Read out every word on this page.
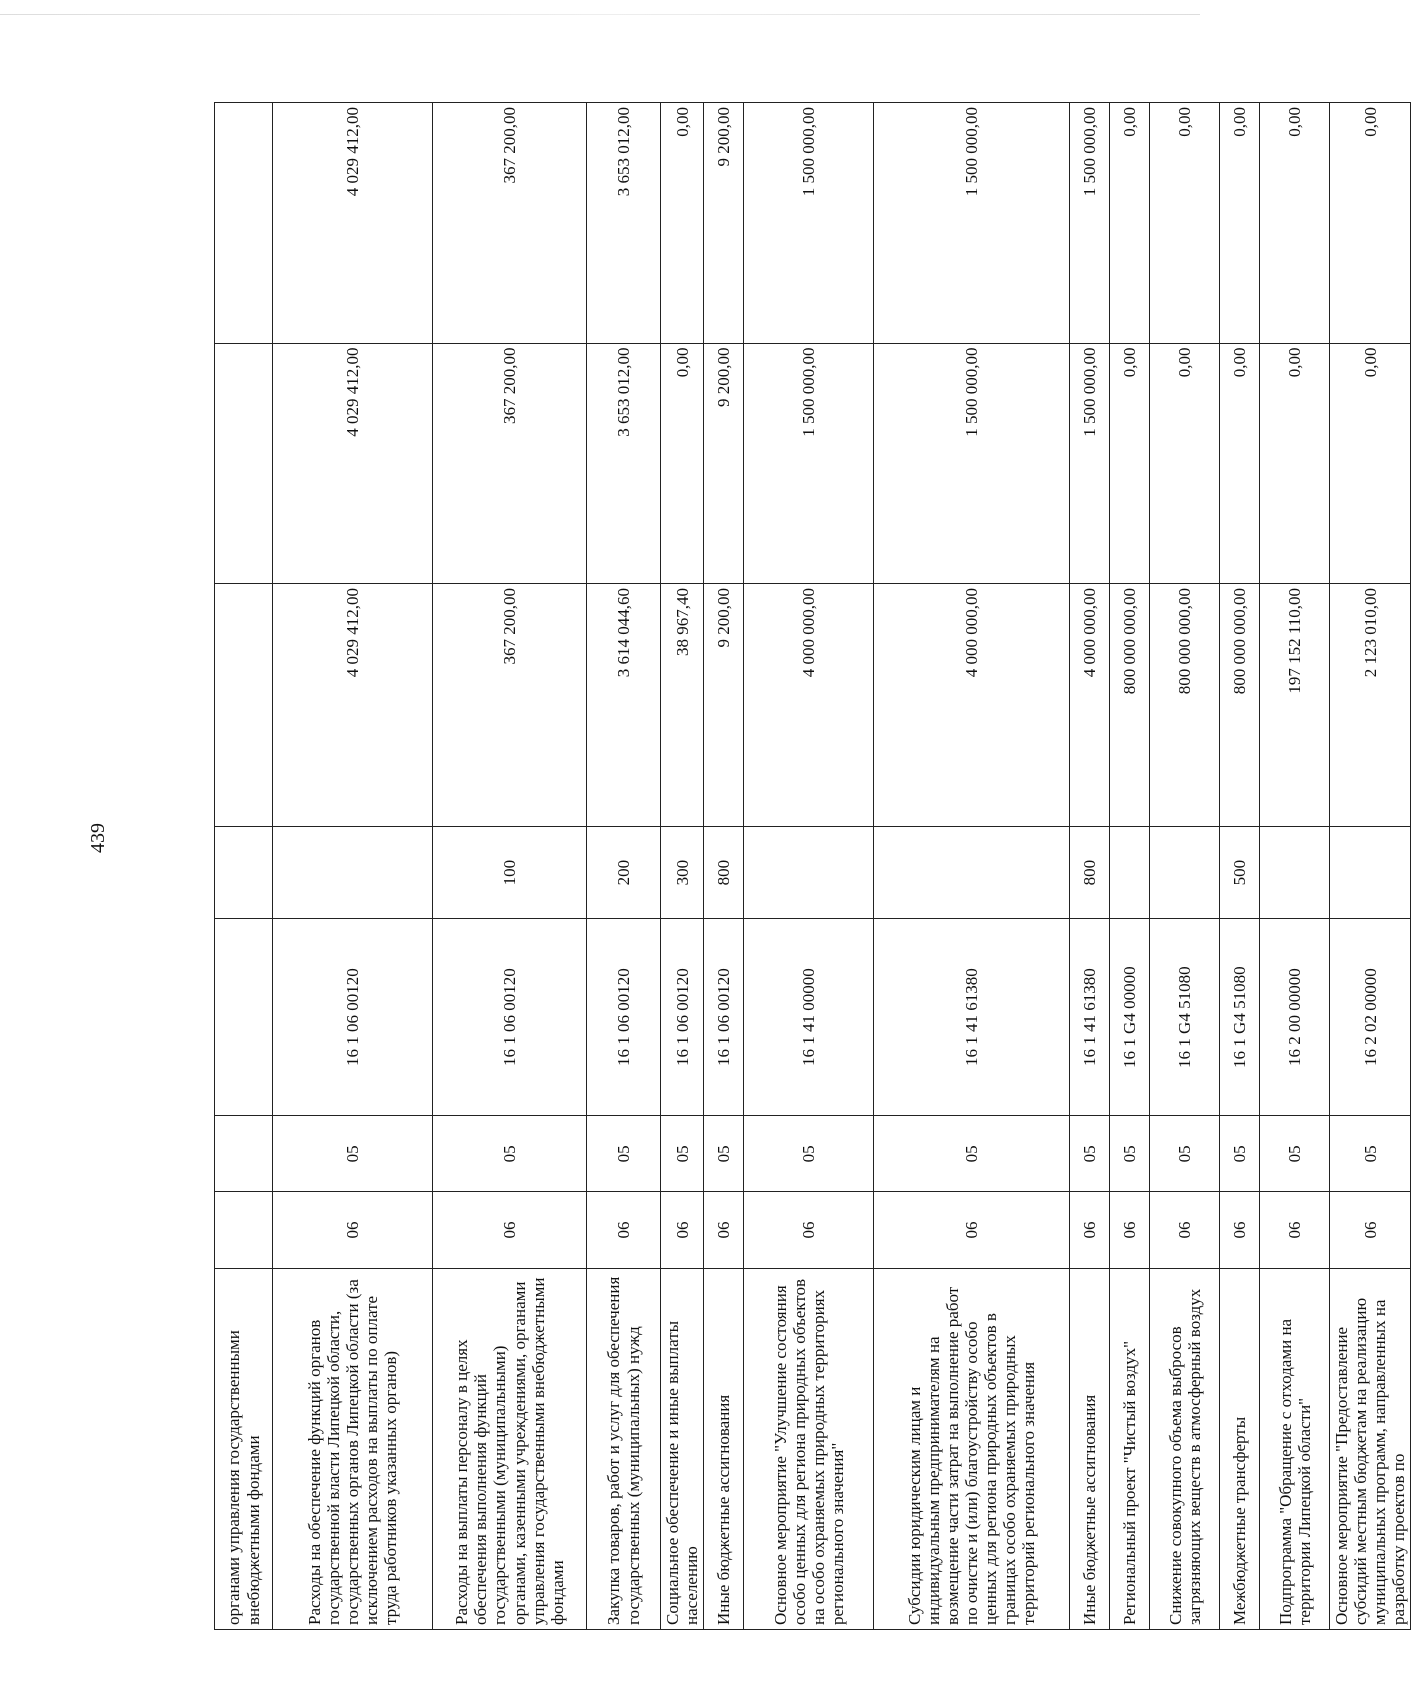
439
органами управления государственными внебюджетными фондами							
Расходы на обеспечение функций органов государственной власти Липецкой области, государственных органов Липецкой области (за исключением расходов на выплаты по оплате труда работников указанных органов)	06	05	16 1 06 00120		4 029 412,00	4 029 412,00	4 029 412,00
Расходы на выплаты персоналу в целях обеспечения выполнения функций государственными (муниципальными) органами, казенными учреждениями, органами управления государственными внебюджетными фондами	06	05	16 1 06 00120	100	367 200,00	367 200,00	367 200,00
Закупка товаров, работ и услуг для обеспечения государственных (муниципальных) нужд	06	05	16 1 06 00120	200	3 614 044,60	3 653 012,00	3 653 012,00
Социальное обеспечение и иные выплаты населению	06	05	16 1 06 00120	300	38 967,40	0,00	0,00
Иные бюджетные ассигнования	06	05	16 1 06 00120	800	9 200,00	9 200,00	9 200,00
Основное мероприятие "Улучшение состояния особо ценных для региона природных объектов на особо охраняемых природных территориях регионального значения"	06	05	16 1 41 00000		4 000 000,00	1 500 000,00	1 500 000,00
Субсидии юридическим лицам и индивидуальным предпринимателям на возмещение части затрат на выполнение работ по очистке и (или) благоустройству особо ценных для региона природных объектов в границах особо охраняемых природных территорий регионального значения	06	05	16 1 41 61380		4 000 000,00	1 500 000,00	1 500 000,00
Иные бюджетные ассигнования	06	05	16 1 41 61380	800	4 000 000,00	1 500 000,00	1 500 000,00
Региональный проект "Чистый воздух"	06	05	16 1 G4 00000		800 000 000,00	0,00	0,00
Снижение совокупного объема выбросов загрязняющих веществ в атмосферный воздух	06	05	16 1 G4 51080		800 000 000,00	0,00	0,00
Межбюджетные трансферты	06	05	16 1 G4 51080	500	800 000 000,00	0,00	0,00
Подпрограмма "Обращение с отходами на территории Липецкой области"	06	05	16 2 00 00000		197 152 110,00	0,00	0,00
Основное мероприятие "Предоставление субсидий местным бюджетам на реализацию муниципальных программ, направленных на разработку проектов по	06	05	16 2 02 00000		2 123 010,00	0,00	0,00
